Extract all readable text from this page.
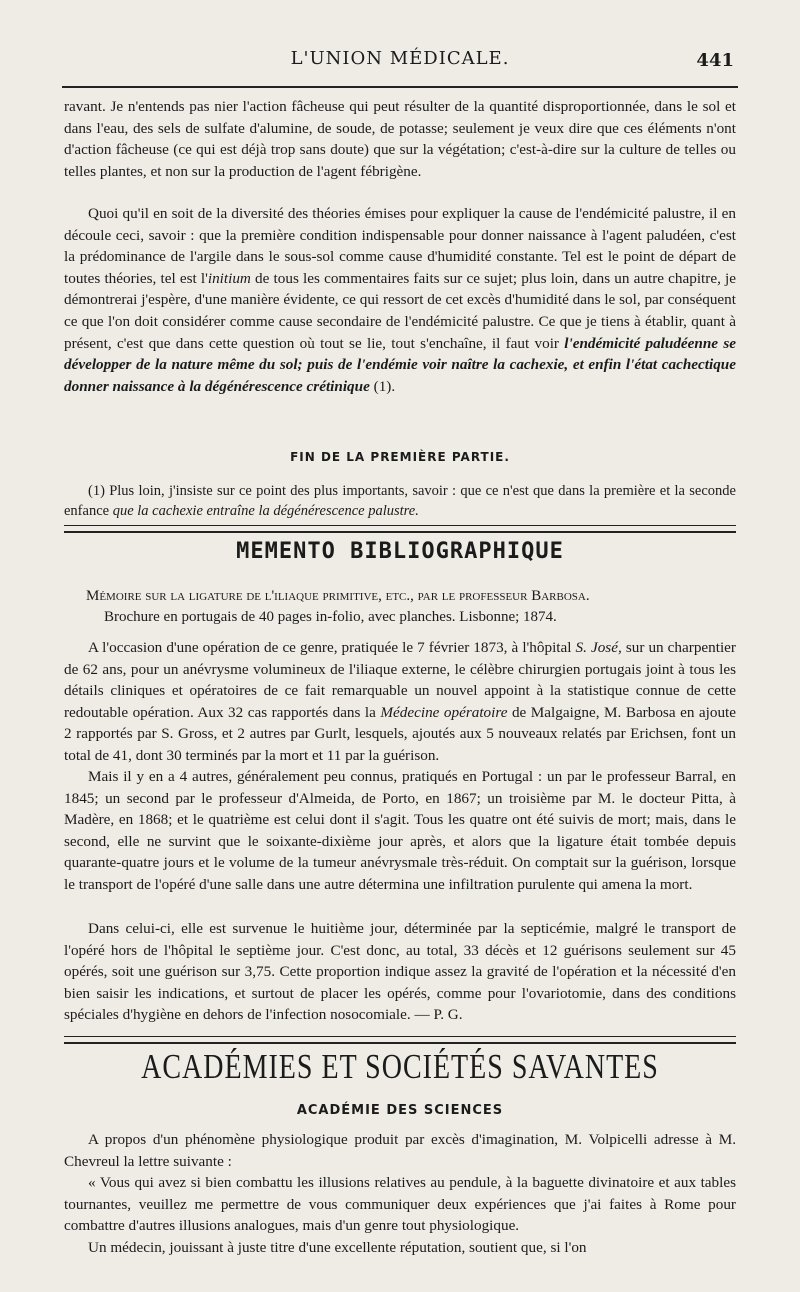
L'UNION MÉDICALE.	441

ravant. Je n'entends pas nier l'action fâcheuse qui peut résulter de la quantité disproportionnée, dans le sol et dans l'eau, des sels de sulfate d'alumine, de soude, de potasse; seulement je veux dire que ces éléments n'ont d'action fâcheuse (ce qui est déjà trop sans doute) que sur la végétation; c'est-à-dire sur la culture de telles ou telles plantes, et non sur la production de l'agent fébrigène.

Quoi qu'il en soit de la diversité des théories émises pour expliquer la cause de l'endémicité palustre, il en découle ceci, savoir : que la première condition indispensable pour donner naissance à l'agent paludéen, c'est la prédominance de l'argile dans le sous-sol comme cause d'humidité constante. Tel est le point de départ de toutes théories, tel est l'initium de tous les commentaires faits sur ce sujet; plus loin, dans un autre chapitre, je démontrerai j'espère, d'une manière évidente, ce qui ressort de cet excès d'humidité dans le sol, par conséquent ce que l'on doit considérer comme cause secondaire de l'endémicité palustre. Ce que je tiens à établir, quant à présent, c'est que dans cette question où tout se lie, tout s'enchaîne, il faut voir l'endémicité paludéenne se développer de la nature même du sol; puis de l'endémie voir naître la cachexie, et enfin l'état cachectique donner naissance à la dégénérescence crétinique (1).

FIN DE LA PREMIÈRE PARTIE.

(1) Plus loin, j'insiste sur ce point des plus importants, savoir : que ce n'est que dans la première et la seconde enfance que la cachexie entraîne la dégénérescence palustre.

MEMENTO BIBLIOGRAPHIQUE

Mémoire sur la ligature de l'iliaque primitive, etc., par le professeur Barbosa.

Brochure en portugais de 40 pages in-folio, avec planches. Lisbonne; 1874.

A l'occasion d'une opération de ce genre, pratiquée le 7 février 1873, à l'hôpital S. José, sur un charpentier de 62 ans, pour un anévrysme volumineux de l'iliaque externe, le célèbre chirurgien portugais joint à tous les détails cliniques et opératoires de ce fait remarquable un nouvel appoint à la statistique connue de cette redoutable opération. Aux 32 cas rapportés dans la Médecine opératoire de Malgaigne, M. Barbosa en ajoute 2 rapportés par S. Gross, et 2 autres par Gurlt, lesquels, ajoutés aux 5 nouveaux relatés par Erichsen, font un total de 41, dont 30 terminés par la mort et 11 par la guérison.

Mais il y en a 4 autres, généralement peu connus, pratiqués en Portugal : un par le professeur Barral, en 1845; un second par le professeur d'Almeida, de Porto, en 1867; un troisième par M. le docteur Pitta, à Madère, en 1868; et le quatrième est celui dont il s'agit. Tous les quatre ont été suivis de mort; mais, dans le second, elle ne survint que le soixante-dixième jour après, et alors que la ligature était tombée depuis quarante-quatre jours et le volume de la tumeur anévrysmale très-réduit. On comptait sur la guérison, lorsque le transport de l'opéré d'une salle dans une autre détermina une infiltration purulente qui amena la mort.

Dans celui-ci, elle est survenue le huitième jour, déterminée par la septicémie, malgré le transport de l'opéré hors de l'hôpital le septième jour. C'est donc, au total, 33 décès et 12 guérisons seulement sur 45 opérés, soit une guérison sur 3,75. Cette proportion indique assez la gravité de l'opération et la nécessité d'en bien saisir les indications, et surtout de placer les opérés, comme pour l'ovariotomie, dans des conditions spéciales d'hygiène en dehors de l'infection nosocomiale. — P. G.

ACADÉMIES ET SOCIÉTÉS SAVANTES
ACADÉMIE DES SCIENCES

A propos d'un phénomène physiologique produit par excès d'imagination, M. Volpicelli adresse à M. Chevreul la lettre suivante :

« Vous qui avez si bien combattu les illusions relatives au pendule, à la baguette divinatoire et aux tables tournantes, veuillez me permettre de vous communiquer deux expériences que j'ai faites à Rome pour combattre d'autres illusions analogues, mais d'un genre tout physiologique.

Un médecin, jouissant à juste titre d'une excellente réputation, soutient que, si l'on
